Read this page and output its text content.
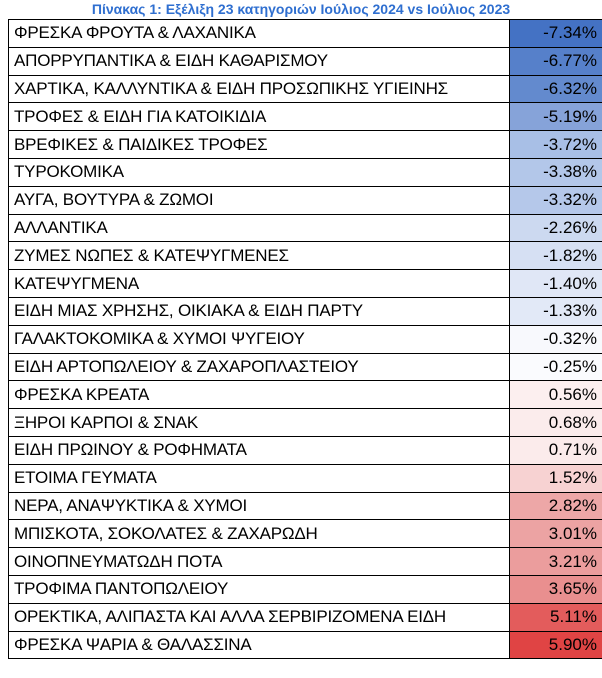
Πίνακας 1: Εξέλιξη 23 κατηγοριών Ιούλιος 2024 vs Ιούλιος 2023
ΦΡΕΣΚΑ ΦΡΟΥΤΑ & ΛΑΧΑΝΙΚΑ	-7.34%
ΑΠΟΡΡΥΠΑΝΤΙΚΑ & ΕΙΔΗ ΚΑΘΑΡΙΣΜΟΥ	-6.77%
ΧΑΡΤΙΚΑ, ΚΑΛΛΥΝΤΙΚΑ & ΕΙΔΗ ΠΡΟΣΩΠΙΚΗΣ ΥΓΙΕΙΝΗΣ	-6.32%
ΤΡΟΦΕΣ & ΕΙΔΗ ΓΙΑ ΚΑΤΟΙΚΙΔΙΑ	-5.19%
ΒΡΕΦΙΚΕΣ & ΠΑΙΔΙΚΕΣ ΤΡΟΦΕΣ	-3.72%
ΤΥΡΟΚΟΜΙΚΑ	-3.38%
ΑΥΓΑ, ΒΟΥΤΥΡΑ & ΖΩΜΟΙ	-3.32%
ΑΛΛΑΝΤΙΚΑ	-2.26%
ΖΥΜΕΣ ΝΩΠΕΣ & ΚΑΤΕΨΥΓΜΕΝΕΣ	-1.82%
ΚΑΤΕΨΥΓΜΕΝΑ	-1.40%
ΕΙΔΗ ΜΙΑΣ ΧΡΗΣΗΣ, ΟΙΚΙΑΚΑ & ΕΙΔΗ ΠΑΡΤΥ	-1.33%
ΓΑΛΑΚΤΟΚΟΜΙΚΑ & ΧΥΜΟΙ ΨΥΓΕΙΟΥ	-0.32%
ΕΙΔΗ ΑΡΤΟΠΩΛΕΙΟΥ & ΖΑΧΑΡΟΠΛΑΣΤΕΙΟΥ	-0.25%
ΦΡΕΣΚΑ ΚΡΕΑΤΑ	0.56%
ΞΗΡΟΙ ΚΑΡΠΟΙ & ΣΝΑΚ	0.68%
ΕΙΔΗ ΠΡΩΙΝΟΥ & ΡΟΦΗΜΑΤΑ	0.71%
ΕΤΟΙΜΑ ΓΕΥΜΑΤΑ	1.52%
ΝΕΡΑ, ΑΝΑΨΥΚΤΙΚΑ & ΧΥΜΟΙ	2.82%
ΜΠΙΣΚΟΤΑ, ΣΟΚΟΛΑΤΕΣ & ΖΑΧΑΡΩΔΗ	3.01%
ΟΙΝΟΠΝΕΥΜΑΤΩΔΗ ΠΟΤΑ	3.21%
ΤΡΟΦΙΜΑ ΠΑΝΤΟΠΩΛΕΙΟΥ	3.65%
ΟΡΕΚΤΙΚΑ, ΑΛΙΠΑΣΤΑ ΚΑΙ ΑΛΛΑ ΣΕΡΒΙΡΙΖΟΜΕΝΑ ΕΙΔΗ	5.11%
ΦΡΕΣΚΑ ΨΑΡΙΑ & ΘΑΛΑΣΣΙΝΑ	5.90%
